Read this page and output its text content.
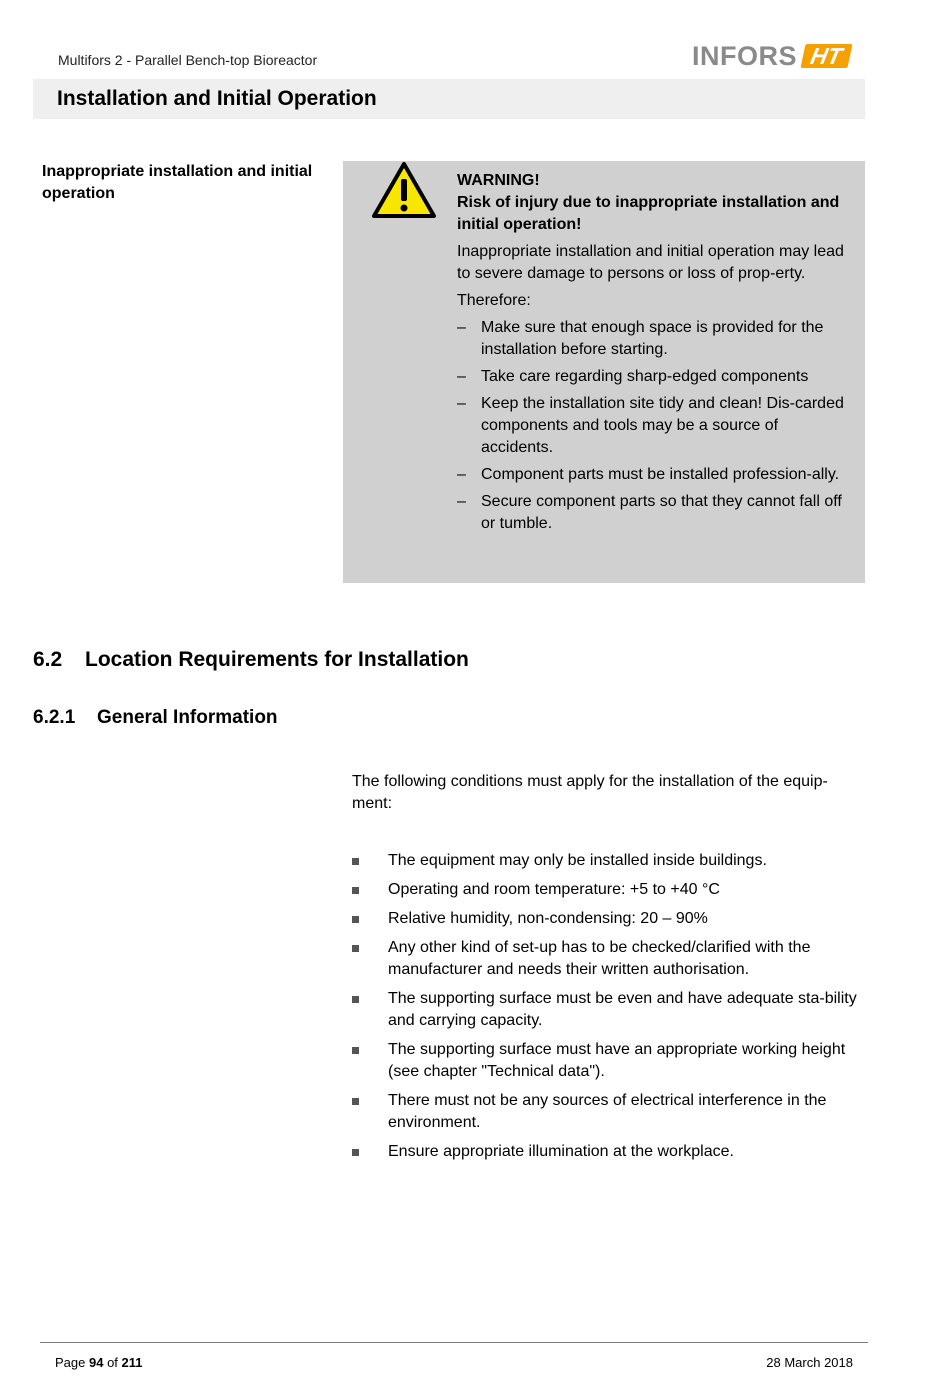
Multifors 2 - Parallel Bench-top Bioreactor	INFORS HT
Installation and Initial Operation
Inappropriate installation and initial operation

WARNING!

Risk of injury due to inappropriate installation and initial operation!

Inappropriate installation and initial operation may lead to severe damage to persons or loss of prop-erty.

Therefore:

– Make sure that enough space is provided for the installation before starting.
– Take care regarding sharp-edged components
– Keep the installation site tidy and clean! Dis-carded components and tools may be a source of accidents.
– Component parts must be installed profession-ally.
– Secure component parts so that they cannot fall off or tumble.
6.2 Location Requirements for Installation
6.2.1 General Information

The following conditions must apply for the installation of the equip-ment:

The equipment may only be installed inside buildings.
Operating and room temperature: +5 to +40 °C
Relative humidity, non-condensing: 20 – 90%
Any other kind of set-up has to be checked/clarified with the manufacturer and needs their written authorisation.
The supporting surface must be even and have adequate sta-bility and carrying capacity.
The supporting surface must have an appropriate working height (see chapter "Technical data").
There must not be any sources of electrical interference in the environment.
Ensure appropriate illumination at the workplace.
Page 94 of 211	28 March 2018
